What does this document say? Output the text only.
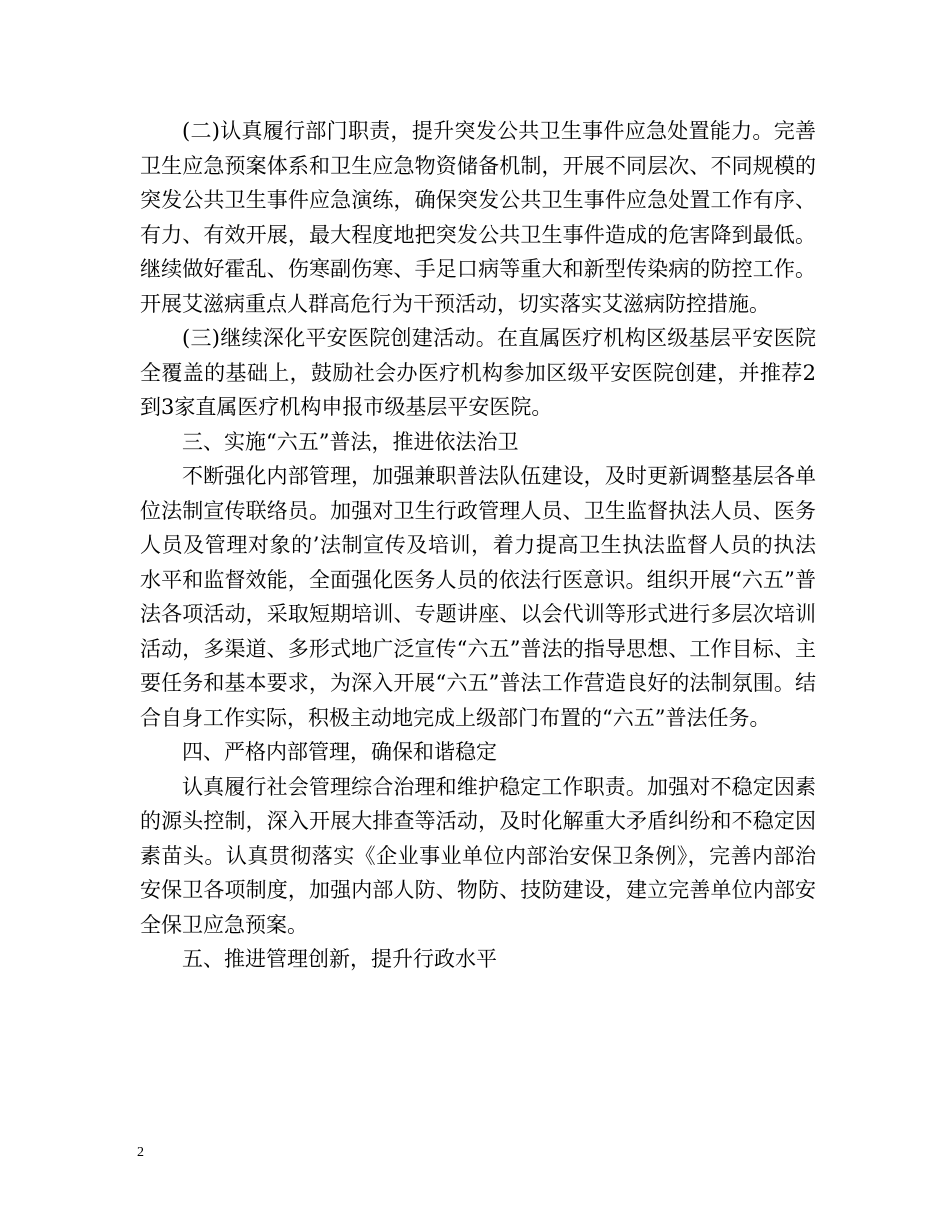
(二)认真履行部门职责，提升突发公共卫生事件应急处置能力。完善卫生应急预案体系和卫生应急物资储备机制，开展不同层次、不同规模的突发公共卫生事件应急演练，确保突发公共卫生事件应急处置工作有序、有力、有效开展，最大程度地把突发公共卫生事件造成的危害降到最低。继续做好霍乱、伤寒副伤寒、手足口病等重大和新型传染病的防控工作。开展艾滋病重点人群高危行为干预活动，切实落实艾滋病防控措施。

(三)继续深化平安医院创建活动。在直属医疗机构区级基层平安医院全覆盖的基础上，鼓励社会办医疗机构参加区级平安医院创建，并推荐2到3家直属医疗机构申报市级基层平安医院。

三、实施“六五”普法，推进依法治卫

不断强化内部管理，加强兼职普法队伍建设，及时更新调整基层各单位法制宣传联络员。加强对卫生行政管理人员、卫生监督执法人员、医务人员及管理对象的’法制宣传及培训，着力提高卫生执法监督人员的执法水平和监督效能，全面强化医务人员的依法行医意识。组织开展“六五”普法各项活动，采取短期培训、专题讲座、以会代训等形式进行多层次培训活动，多渠道、多形式地广泛宣传“六五”普法的指导思想、工作目标、主要任务和基本要求，为深入开展“六五”普法工作营造良好的法制氛围。结合自身工作实际，积极主动地完成上级部门布置的“六五”普法任务。

四、严格内部管理，确保和谐稳定

认真履行社会管理综合治理和维护稳定工作职责。加强对不稳定因素的源头控制，深入开展大排查等活动，及时化解重大矛盾纠纷和不稳定因素苗头。认真贯彻落实《企业事业单位内部治安保卫条例》，完善内部治安保卫各项制度，加强内部人防、物防、技防建设，建立完善单位内部安全保卫应急预案。

五、推进管理创新，提升行政水平

2
